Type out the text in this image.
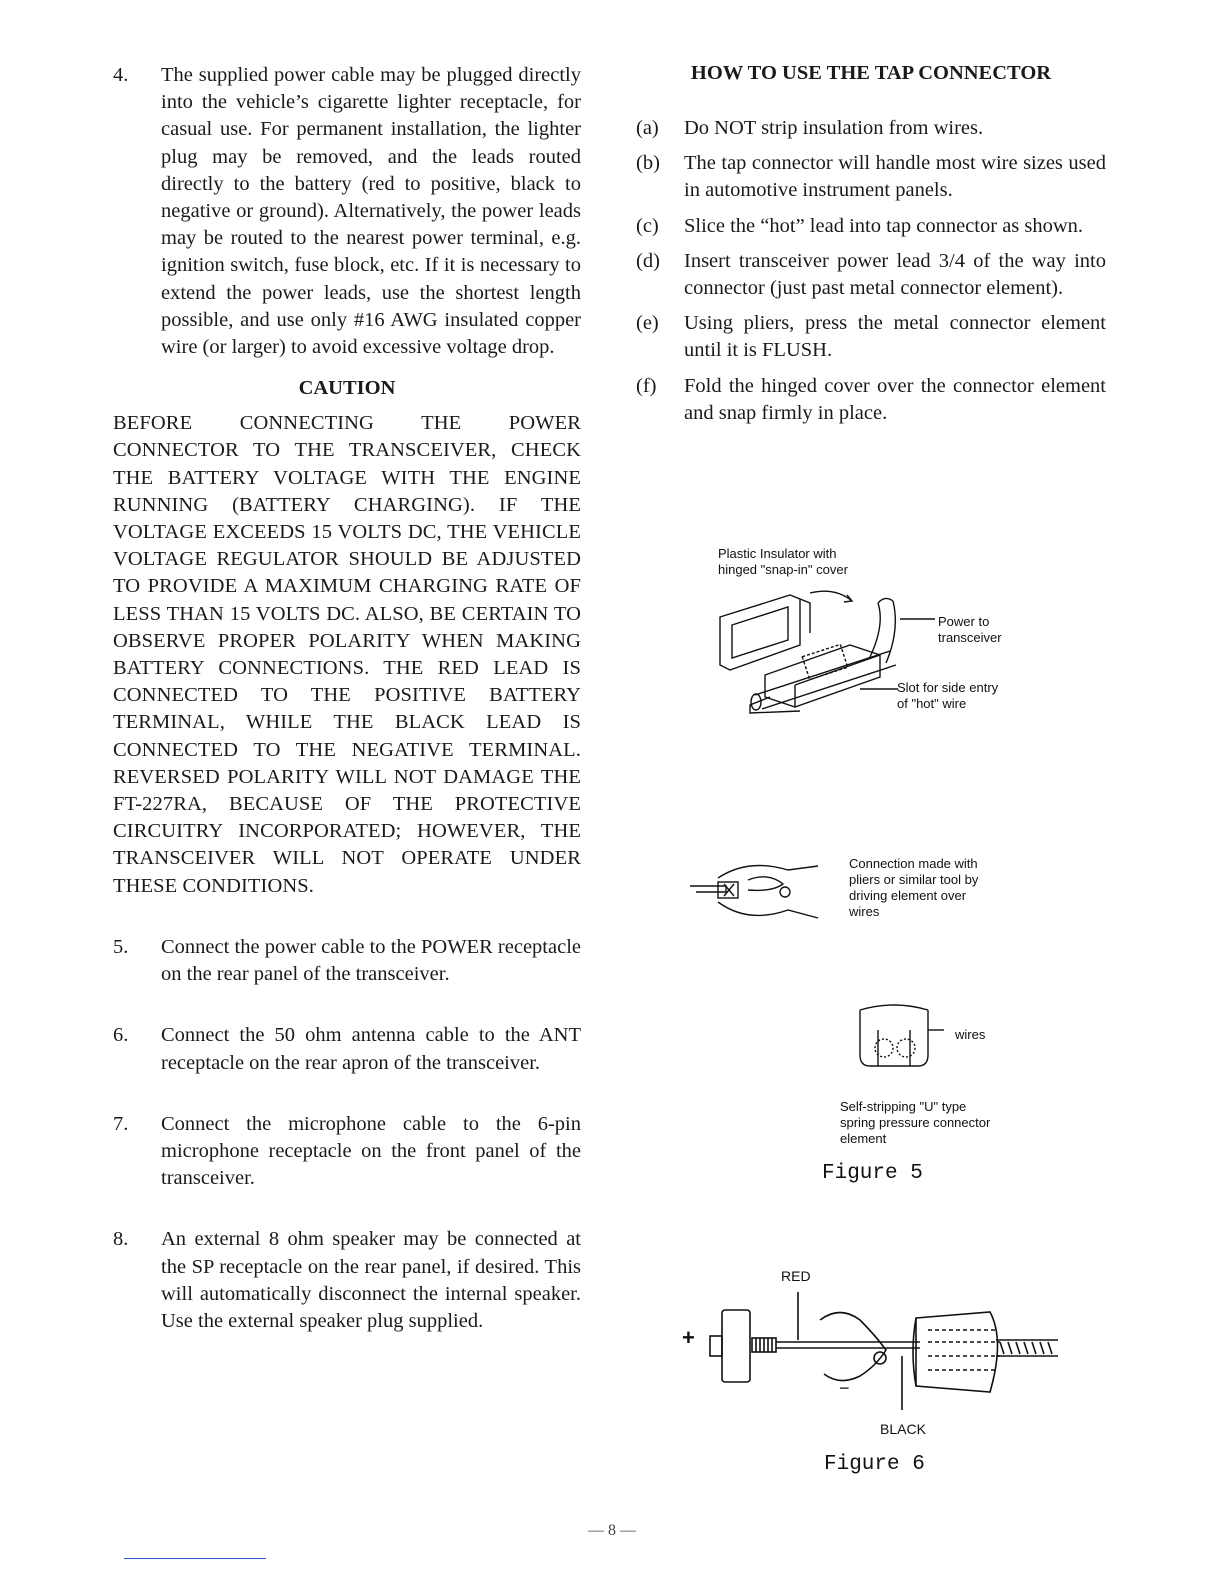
4.	The supplied power cable may be plugged directly into the vehicle’s cigarette lighter receptacle, for casual use. For permanent installation, the lighter plug may be removed, and the leads routed directly to the battery (red to positive, black to negative or ground). Alternatively, the power leads may be routed to the nearest power terminal, e.g. ignition switch, fuse block, etc. If it is necessary to extend the power leads, use the shortest length possible, and use only #16 AWG insulated copper wire (or larger) to avoid excessive voltage drop.
CAUTION
BEFORE CONNECTING THE POWER CONNECTOR TO THE TRANSCEIVER, CHECK THE BATTERY VOLTAGE WITH THE ENGINE RUNNING (BATTERY CHARGING). IF THE VOLTAGE EXCEEDS 15 VOLTS DC, THE VEHICLE VOLTAGE REGULATOR SHOULD BE ADJUSTED TO PROVIDE A MAXIMUM CHARGING RATE OF LESS THAN 15 VOLTS DC. ALSO, BE CERTAIN TO OBSERVE PROPER POLARITY WHEN MAKING BATTERY CONNECTIONS. THE RED LEAD IS CONNECTED TO THE POSITIVE BATTERY TERMINAL, WHILE THE BLACK LEAD IS CONNECTED TO THE NEGATIVE TERMINAL. REVERSED POLARITY WILL NOT DAMAGE THE FT-227RA, BECAUSE OF THE PROTECTIVE CIRCUITRY INCORPORATED; HOWEVER, THE TRANSCEIVER WILL NOT OPERATE UNDER THESE CONDITIONS.
5.	Connect the power cable to the POWER receptacle on the rear panel of the transceiver.
6.	Connect the 50 ohm antenna cable to the ANT receptacle on the rear apron of the transceiver.
7.	Connect the microphone cable to the 6-pin microphone receptacle on the front panel of the transceiver.
8.	An external 8 ohm speaker may be connected at the SP receptacle on the rear panel, if desired. This will automatically disconnect the internal speaker. Use the external speaker plug supplied.
HOW TO USE THE TAP CONNECTOR
(a)	Do NOT strip insulation from wires.
(b)	The tap connector will handle most wire sizes used in automotive instrument panels.
(c)	Slice the “hot” lead into tap connector as shown.
(d)	Insert transceiver power lead 3/4 of the way into connector (just past metal connector element).
(e)	Using pliers, press the metal connector element until it is FLUSH.
(f)	Fold the hinged cover over the connector element and snap firmly in place.
Plastic Insulator with
hinged "snap-in" cover
Power to
transceiver
Slot for side entry
of "hot" wire
Connection made with
pliers or similar tool by
driving element over
wires
wires
Self-stripping "U" type
spring pressure connector
element
Figure 5
RED
+
−
BLACK
Figure 6
— 8 —
